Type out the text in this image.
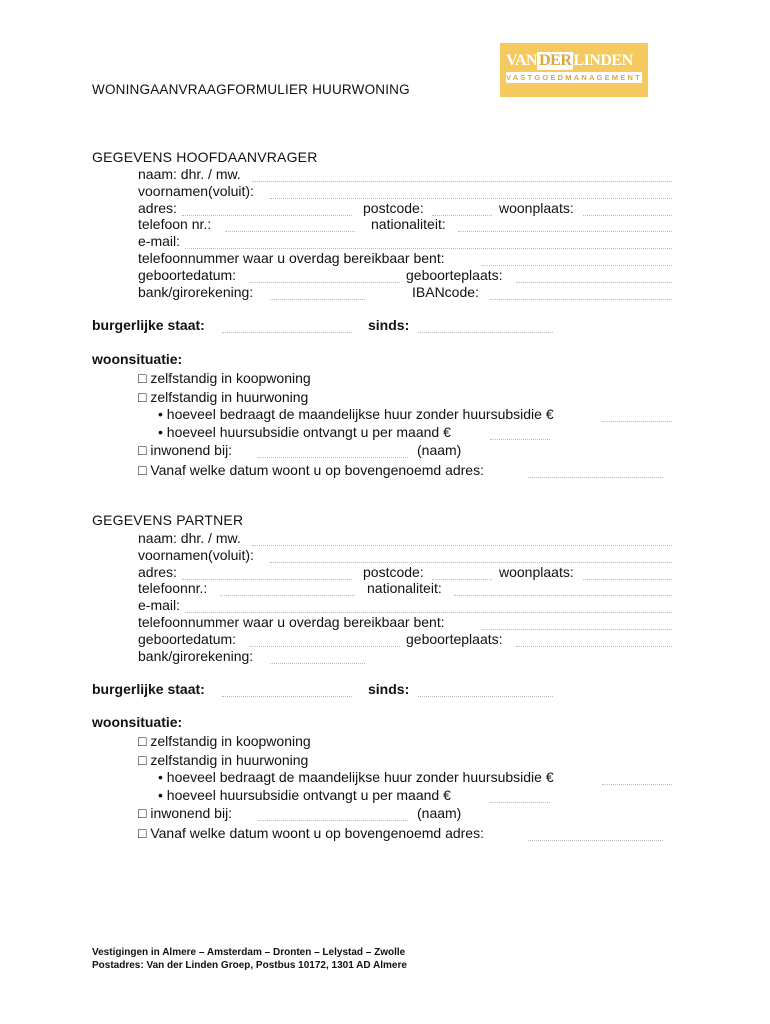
VAN DER LINDEN
VASTGOEDMANAGEMENT
WONINGAANVRAAGFORMULIER HUURWONING
GEGEVENS HOOFDAANVRAGER
naam: dhr. / mw.
voornamen(voluit):
adres:	postcode:	woonplaats:
telefoon nr.:	nationaliteit:
e-mail:
telefoonnummer waar u overdag bereikbaar bent:
geboortedatum:	geboorteplaats:
bank/girorekening:	IBANcode:
burgerlijke staat:	sinds:
woonsituatie:
□ zelfstandig in koopwoning
□ zelfstandig in huurwoning
• hoeveel bedraagt de maandelijkse huur zonder huursubsidie €
• hoeveel huursubsidie ontvangt u per maand €
□ inwonend bij:	(naam)
□ Vanaf welke datum woont u op bovengenoemd adres:
GEGEVENS PARTNER
naam: dhr. / mw.
voornamen(voluit):
adres:	postcode:	woonplaats:
telefoonnr.:	nationaliteit:
e-mail:
telefoonnummer waar u overdag bereikbaar bent:
geboortedatum:	geboorteplaats:
bank/girorekening:
burgerlijke staat:	sinds:
woonsituatie:
□ zelfstandig in koopwoning
□ zelfstandig in huurwoning
• hoeveel bedraagt de maandelijkse huur zonder huursubsidie €
• hoeveel huursubsidie ontvangt u per maand €
□ inwonend bij:	(naam)
□ Vanaf welke datum woont u op bovengenoemd adres:
Vestigingen in Almere – Amsterdam – Dronten – Lelystad – Zwolle
Postadres: Van der Linden Groep, Postbus 10172, 1301 AD Almere
